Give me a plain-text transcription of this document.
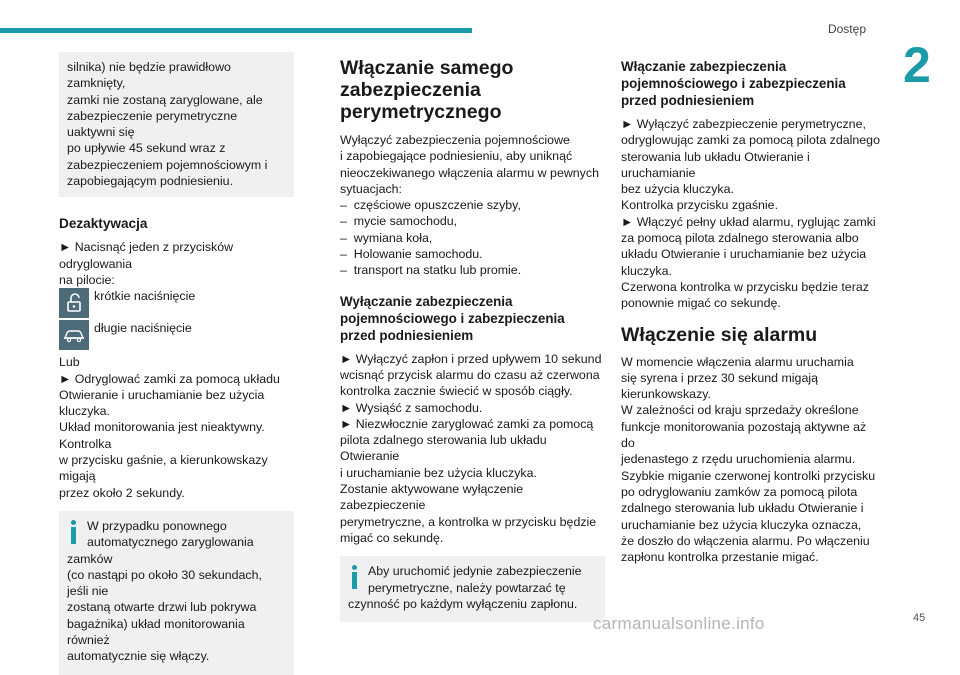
Dostęp
2

silnika) nie będzie prawidłowo zamknięty,

zamki nie zostaną zaryglowane, ale

zabezpieczenie perymetryczne uaktywni się

po upływie 45 sekund wraz z

zabezpieczeniem pojemnościowym i

zapobiegającym podniesieniu.

Dezaktywacja

► Nacisnąć jeden z przycisków odryglowania

na pilocie:

krótkie naciśnięcie
długie naciśnięcie

Lub

► Odryglować zamki za pomocą układu

Otwieranie i uruchamianie bez użycia kluczyka.

Układ monitorowania jest nieaktywny. Kontrolka

w przycisku gaśnie, a kierunkowskazy migają

przez około 2 sekundy.

W przypadku ponownego

automatycznego zaryglowania zamków

(co nastąpi po około 30 sekundach, jeśli nie

zostaną otwarte drzwi lub pokrywa

bagażnika) układ monitorowania również

automatycznie się włączy.

Włączanie samego
zabezpieczenia
perymetrycznego

Wyłączyć zabezpieczenia pojemnościowe

i zapobiegające podniesieniu, aby uniknąć

nieoczekiwanego włączenia alarmu w pewnych

sytuacjach:

–  częściowe opuszczenie szyby,

–  mycie samochodu,

–  wymiana koła,

–  Holowanie samochodu.

–  transport na statku lub promie.

Wyłączanie zabezpieczenia
pojemnościowego i zabezpieczenia
przed podniesieniem

► Wyłączyć zapłon i przed upływem 10 sekund

wcisnąć przycisk alarmu do czasu aż czerwona

kontrolka zacznie świecić w sposób ciągły.

► Wysiąść z samochodu.

► Niezwłocznie zaryglować zamki za pomocą

pilota zdalnego sterowania lub układu Otwieranie

i uruchamianie bez użycia kluczyka.

Zostanie aktywowane wyłączenie zabezpieczenie

perymetryczne, a kontrolka w przycisku będzie

migać co sekundę.

Aby uruchomić jedynie zabezpieczenie

perymetryczne, należy powtarzać tę

czynność po każdym wyłączeniu zapłonu.

Włączanie zabezpieczenia
pojemnościowego i zabezpieczenia
przed podniesieniem

► Wyłączyć zabezpieczenie perymetryczne,

odryglowując zamki za pomocą pilota zdalnego

sterowania lub układu Otwieranie i uruchamianie

bez użycia kluczyka.

Kontrolka przycisku zgaśnie.

► Włączyć pełny układ alarmu, ryglując zamki

za pomocą pilota zdalnego sterowania albo

układu Otwieranie i uruchamianie bez użycia

kluczyka.

Czerwona kontrolka w przycisku będzie teraz

ponownie migać co sekundę.

Włączenie się alarmu

W momencie włączenia alarmu uruchamia

się syrena i przez 30 sekund migają

kierunkowskazy.

W zależności od kraju sprzedaży określone

funkcje monitorowania pozostają aktywne aż do

jedenastego z rzędu uruchomienia alarmu.

Szybkie miganie czerwonej kontrolki przycisku

po odryglowaniu zamków za pomocą pilota

zdalnego sterowania lub układu Otwieranie i

uruchamianie bez użycia kluczyka oznacza,

że doszło do włączenia alarmu. Po włączeniu

zapłonu kontrolka przestanie migać.

45
carmanualsonline.info
